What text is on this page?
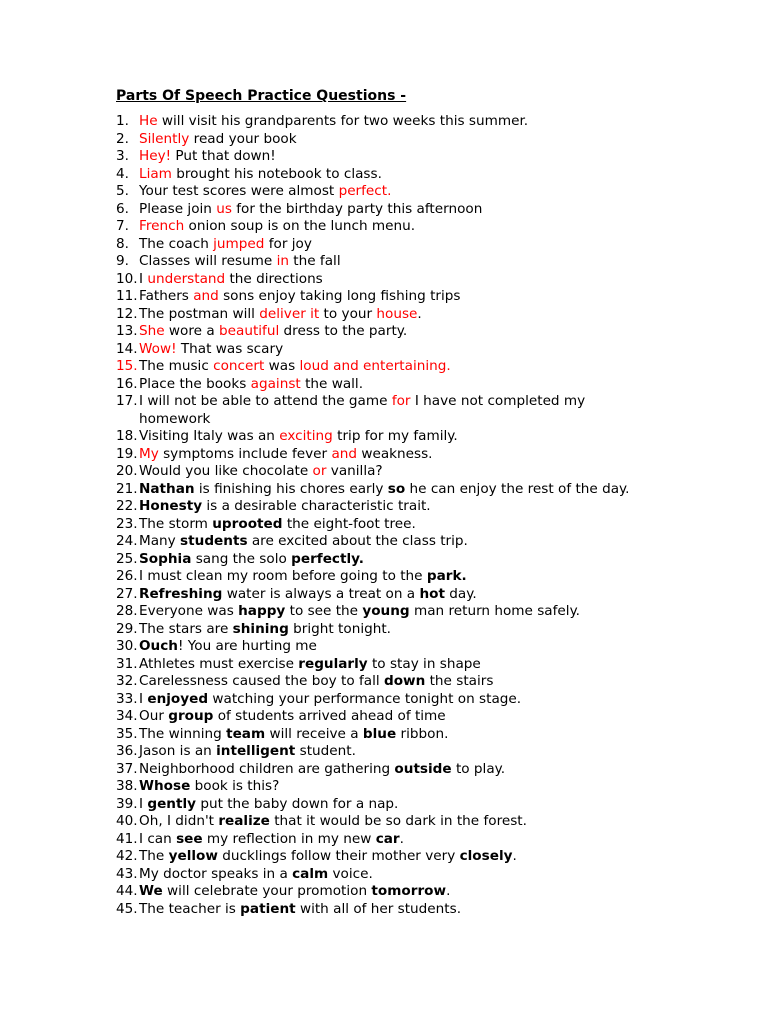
Parts Of Speech Practice Questions -
1. He will visit his grandparents for two weeks this summer.
2. Silently read your book
3. Hey! Put that down!
4. Liam brought his notebook to class.
5. Your test scores were almost perfect.
6. Please join us for the birthday party this afternoon
7. French onion soup is on the lunch menu.
8. The coach jumped for joy
9. Classes will resume in the fall
10. I understand the directions
11. Fathers and sons enjoy taking long fishing trips
12. The postman will deliver it to your house.
13. She wore a beautiful dress to the party.
14. Wow! That was scary
15. The music concert was loud and entertaining.
16. Place the books against the wall.
17. I will not be able to attend the game for I have not completed my homework
18. Visiting Italy was an exciting trip for my family.
19. My symptoms include fever and weakness.
20. Would you like chocolate or vanilla?
21. Nathan is finishing his chores early so he can enjoy the rest of the day.
22. Honesty is a desirable characteristic trait.
23. The storm uprooted the eight-foot tree.
24. Many students are excited about the class trip.
25. Sophia sang the solo perfectly.
26. I must clean my room before going to the park.
27. Refreshing water is always a treat on a hot day.
28. Everyone was happy to see the young man return home safely.
29. The stars are shining bright tonight.
30. Ouch! You are hurting me
31. Athletes must exercise regularly to stay in shape
32. Carelessness caused the boy to fall down the stairs
33. I enjoyed watching your performance tonight on stage.
34. Our group of students arrived ahead of time
35. The winning team will receive a blue ribbon.
36. Jason is an intelligent student.
37. Neighborhood children are gathering outside to play.
38. Whose book is this?
39. I gently put the baby down for a nap.
40. Oh, I didn't realize that it would be so dark in the forest.
41. I can see my reflection in my new car.
42. The yellow ducklings follow their mother very closely.
43. My doctor speaks in a calm voice.
44. We will celebrate your promotion tomorrow.
45. The teacher is patient with all of her students.
